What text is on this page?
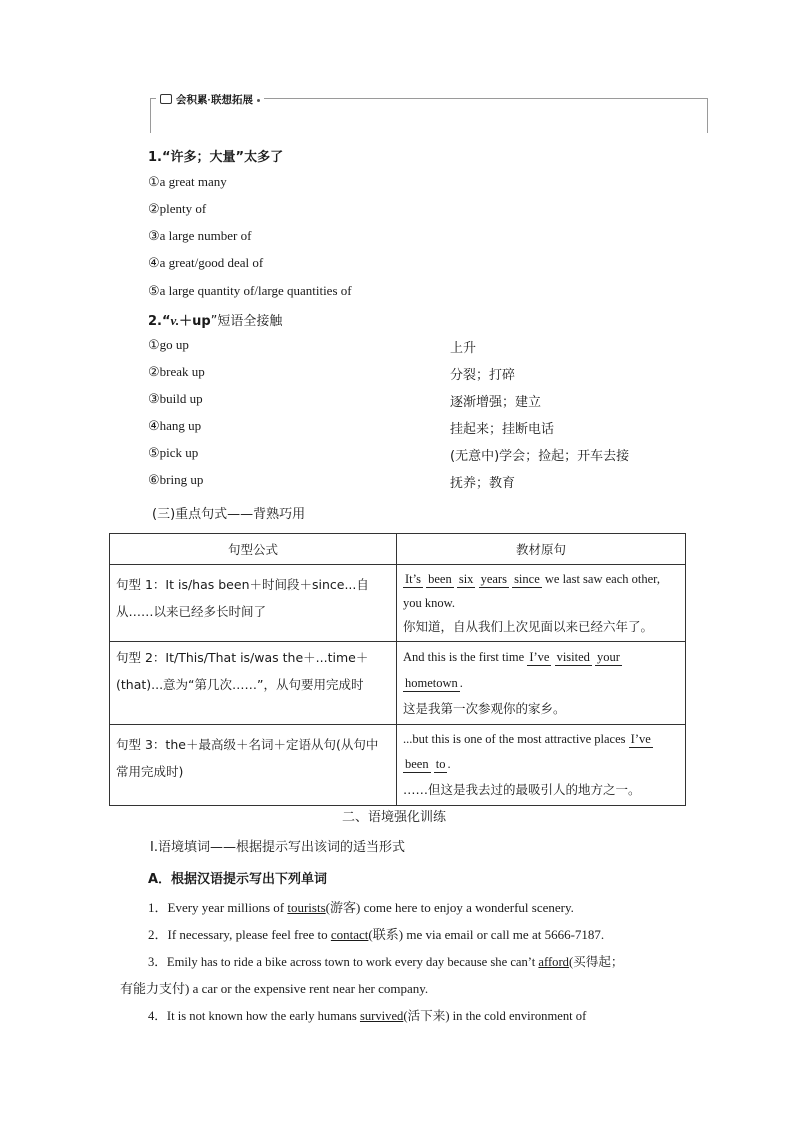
会积累·联想拓展
1.“许多；大量”太多了
①a great many
②plenty of
③a large number of
④a great/good deal of
⑤a large quantity of/large quantities of
2.“v.＋up”短语全接触
①go up	上升
②break up	分裂；打碎
③build up	逐渐增强；建立
④hang up	挂起来；挂断电话
⑤pick up	(无意中)学会；捡起；开车去接
⑥bring up	抚养；教育
(三)重点句式——背熟巧用
句型公式	教材原句
句型 1：It is/has been＋时间段＋since...自从……以来已经多长时间了	It’s been six years since we last saw each other, you know.
你知道，自从我们上次见面以来已经六年了。
句型 2：It/This/That is/was the＋...time＋(that)...意为“第几次……”，从句要用完成时	And this is the first time I’ve visited your hometown .
这是我第一次参观你的家乡。
句型 3：the＋最高级＋名词＋定语从句(从句中常用完成时)	...but this is one of the most attractive places I’ve been to .
……但这是我去过的最吸引人的地方之一。
二、语境强化训练
Ⅰ.语境填词——根据提示写出该词的适当形式
A．根据汉语提示写出下列单词
1．Every year millions of tourists(游客) come here to enjoy a wonderful scenery.
2．If necessary, please feel free to contact(联系) me via email or call me at 5666-7187.
3．Emily has to ride a bike across town to work every day because she can’t afford(买得起；
有能力支付) a car or the expensive rent near her company.
4．It is not known how the early humans survived(活下来) in the cold environment of
